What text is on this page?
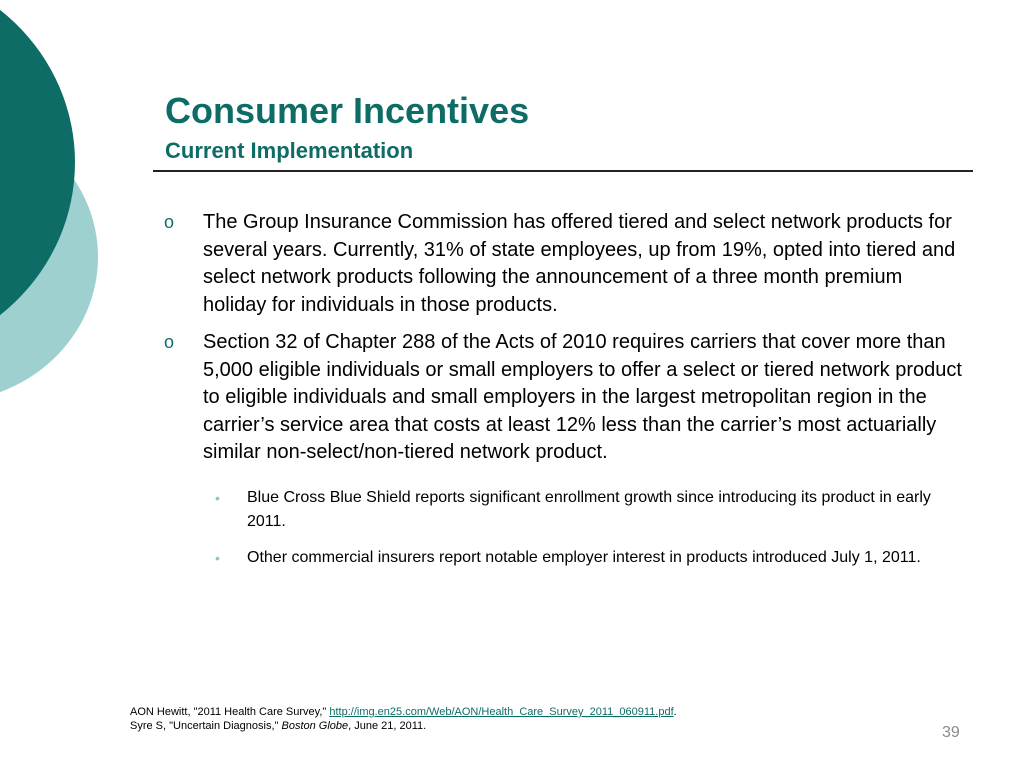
Consumer Incentives
Current Implementation
o The Group Insurance Commission has offered tiered and select network products for several years. Currently, 31% of state employees, up from 19%, opted into tiered and select network products following the announcement of a three month premium holiday for individuals in those products.
o Section 32 of Chapter 288 of the Acts of 2010 requires carriers that cover more than 5,000 eligible individuals or small employers to offer a select or tiered network product to eligible individuals and small employers in the largest metropolitan region in the carrier’s service area that costs at least 12% less than the carrier’s most actuarially similar non-select/non-tiered network product.
• Blue Cross Blue Shield reports significant enrollment growth since introducing its product in early 2011.
• Other commercial insurers report notable employer interest in products introduced July 1, 2011.
AON Hewitt, "2011 Health Care Survey," http://img.en25.com/Web/AON/Health_Care_Survey_2011_060911.pdf.
Syre S, "Uncertain Diagnosis," Boston Globe, June 21, 2011.	39
